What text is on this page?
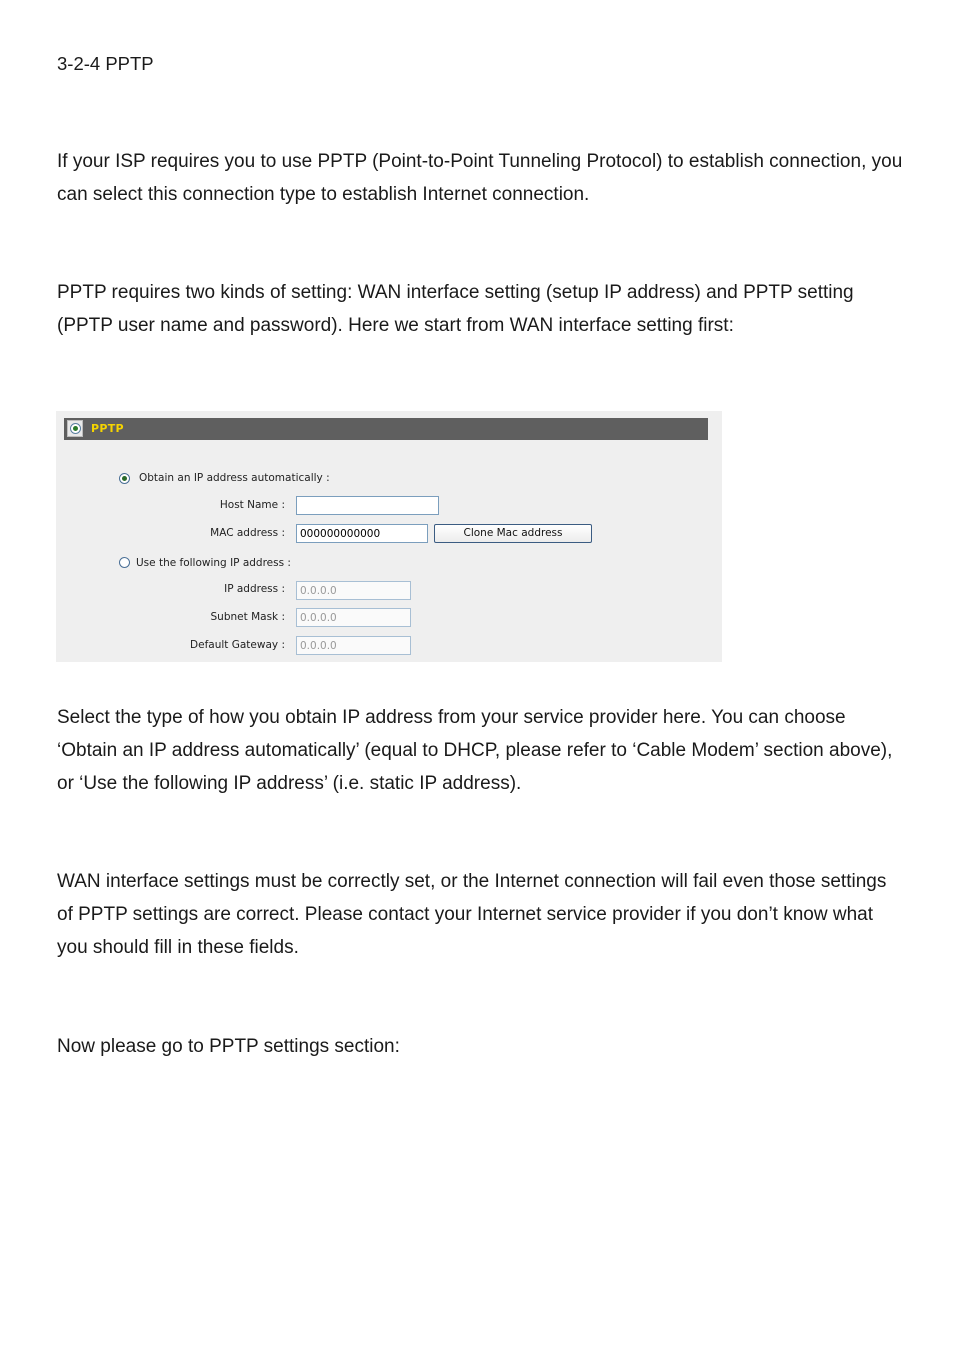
3-2-4 PPTP

If your ISP requires you to use PPTP (Point-to-Point Tunneling Protocol) to establish connection, you can select this connection type to establish Internet connection.

PPTP requires two kinds of setting: WAN interface setting (setup IP address) and PPTP setting (PPTP user name and password). Here we start from WAN interface setting first:

PPTP
Obtain an IP address automatically :
Host Name :
MAC address :
000000000000	Clone Mac address
Use the following IP address :
IP address :
0.0.0.0
Subnet Mask :
0.0.0.0
Default Gateway :
0.0.0.0

Select the type of how you obtain IP address from your service provider here. You can choose ‘Obtain an IP address automatically’ (equal to DHCP, please refer to ‘Cable Modem’ section above), or ‘Use the following IP address’ (i.e. static IP address).

WAN interface settings must be correctly set, or the Internet connection will fail even those settings of PPTP settings are correct. Please contact your Internet service provider if you don’t know what you should fill in these fields.

Now please go to PPTP settings section:
